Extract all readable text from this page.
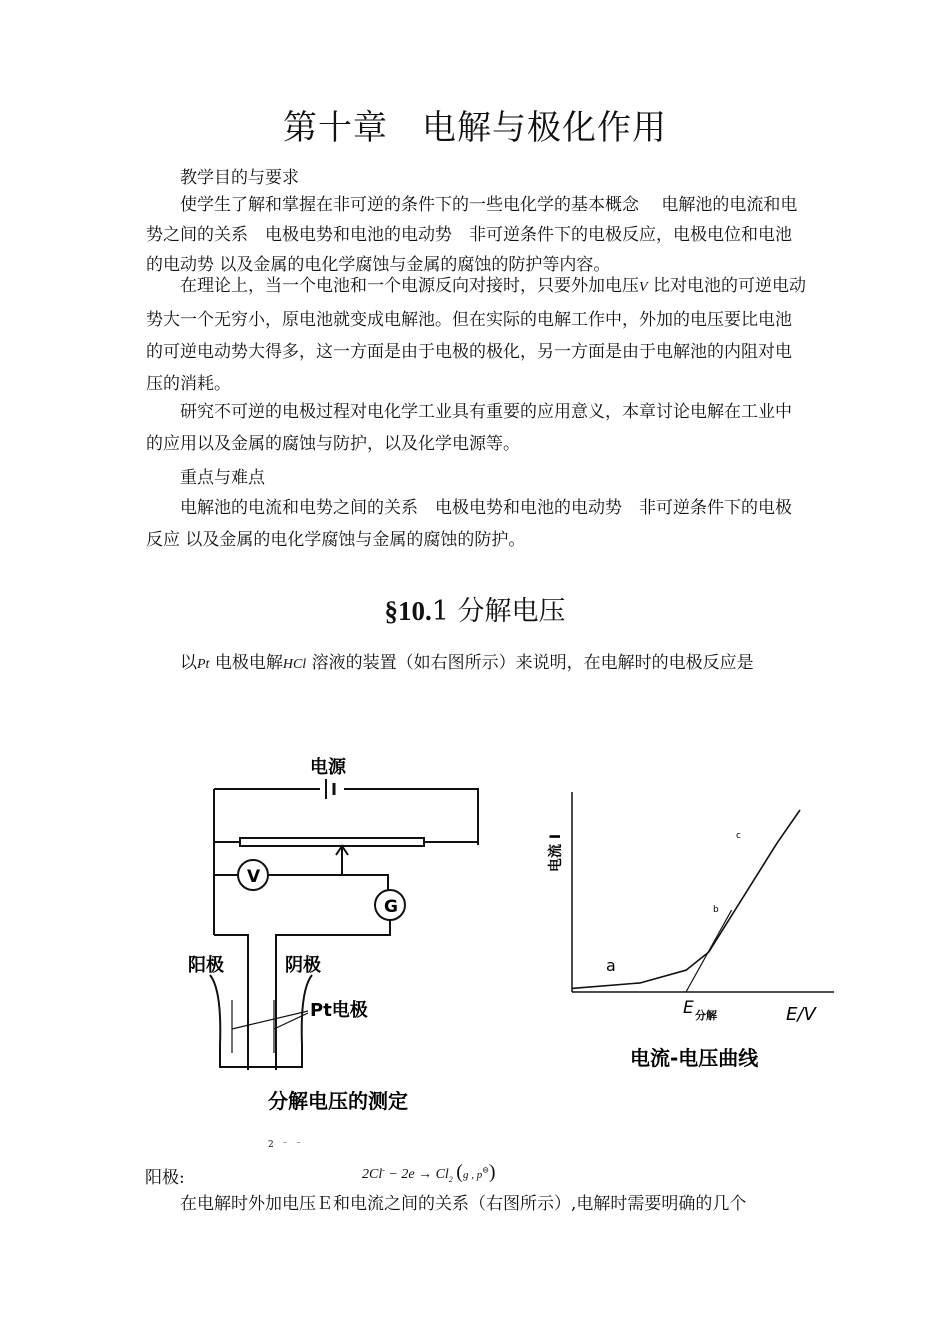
第十章 电解与极化作用
教学目的与要求
使学生了解和掌握在非可逆的条件下的一些电化学的基本概念　 电解池的电流和电势之间的关系　电极电势和电池的电动势　非可逆条件下的电极反应，电极电位和电池的电动势 以及金属的电化学腐蚀与金属的腐蚀的防护等内容。
在理论上，当一个电池和一个电源反向对接时，只要外加电压V 比对电池的可逆电动势大一个无穷小，原电池就变成电解池。但在实际的电解工作中，外加的电压要比电池的可逆电动势大得多，这一方面是由于电极的极化，另一方面是由于电解池的内阻对电压的消耗。
研究不可逆的电极过程对电化学工业具有重要的应用意义，本章讨论电解在工业中的应用以及金属的腐蚀与防护，以及化学电源等。
重点与难点
电解池的电流和电势之间的关系　电极电势和电池的电动势　非可逆条件下的电极反应 以及金属的电化学腐蚀与金属的腐蚀的防护。
§10.1 分解电压
以Pt 电极电解HCl 溶液的装置（如右图所示）来说明，在电解时的电极反应是
电源
V
G
阳极	阴极
Pt电极
分解电压的测定
电流 I
E/V
E 分解
a
b
c
电流-电压曲线
阳极:
2 ⁻ ⁻
$2Cl^- - 2e \to Cl_2$ (g , p⊖)
在电解时外加电压Ｅ和电流之间的关系（右图所示）,电解时需要明确的几个
